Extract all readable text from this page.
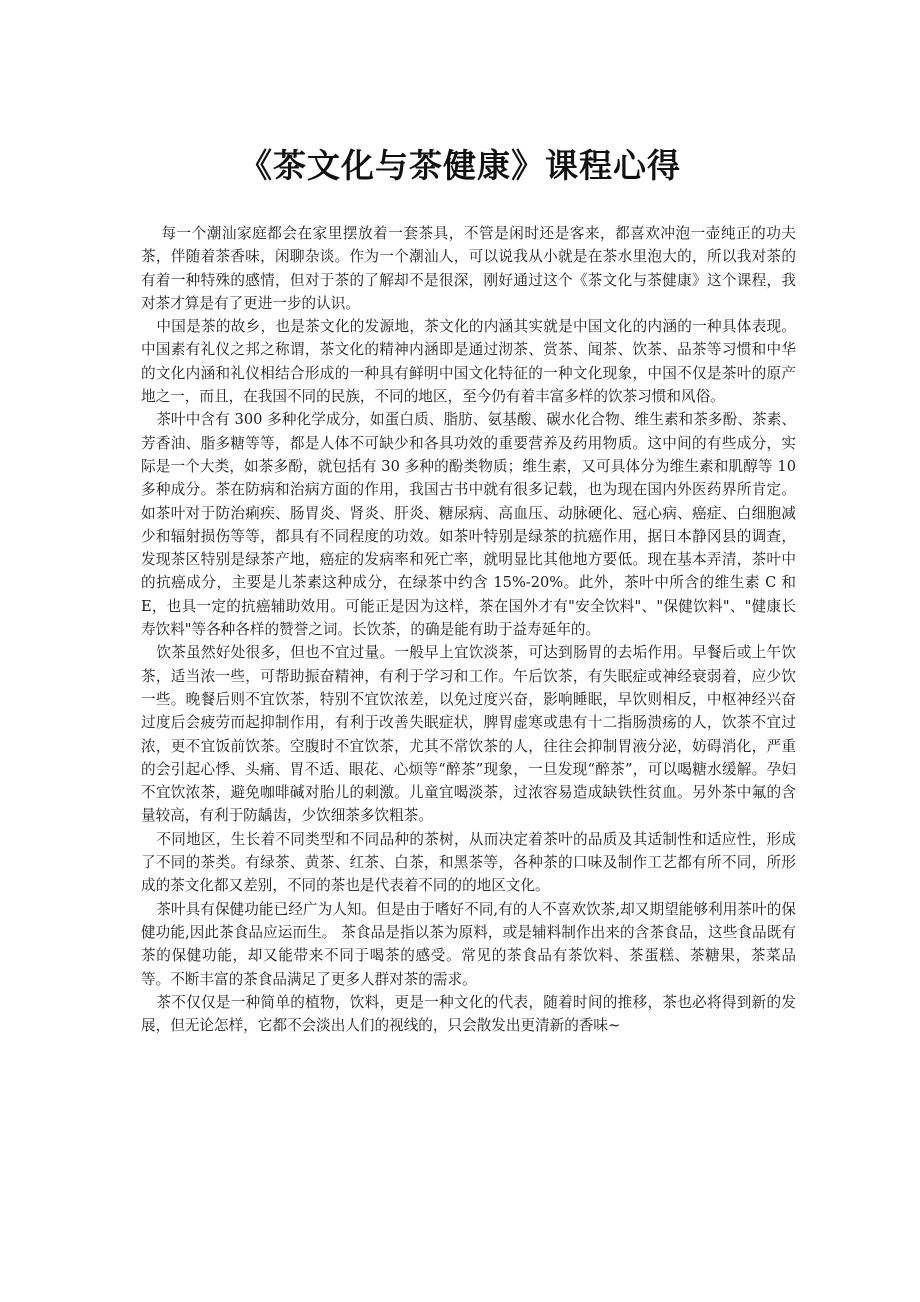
《茶文化与茶健康》课程心得

每一个潮汕家庭都会在家里摆放着一套茶具，不管是闲时还是客来，都喜欢冲泡一壶纯正的功夫茶，伴随着茶香味，闲聊杂谈。作为一个潮汕人，可以说我从小就是在茶水里泡大的，所以我对茶的有着一种特殊的感情，但对于茶的了解却不是很深，刚好通过这个《茶文化与茶健康》这个课程，我对茶才算是有了更进一步的认识。

中国是茶的故乡，也是茶文化的发源地，茶文化的内涵其实就是中国文化的内涵的一种具体表现。中国素有礼仪之邦之称谓，茶文化的精神内涵即是通过沏茶、赏茶、闻茶、饮茶、品茶等习惯和中华的文化内涵和礼仪相结合形成的一种具有鲜明中国文化特征的一种文化现象，中国不仅是茶叶的原产地之一，而且，在我国不同的民族，不同的地区，至今仍有着丰富多样的饮茶习惯和风俗。

茶叶中含有 300 多种化学成分，如蛋白质、脂肪、氨基酸、碳水化合物、维生素和茶多酚、茶素、芳香油、脂多糖等等，都是人体不可缺少和各具功效的重要营养及药用物质。这中间的有些成分，实际是一个大类，如茶多酚，就包括有 30 多种的酚类物质；维生素，又可具体分为维生素和肌醇等 10 多种成分。茶在防病和治病方面的作用，我国古书中就有很多记载，也为现在国内外医药界所肯定。如茶叶对于防治痢疾、肠胃炎、肾炎、肝炎、糖尿病、高血压、动脉硬化、冠心病、癌症、白细胞减少和辐射损伤等等，都具有不同程度的功效。如茶叶特别是绿茶的抗癌作用，据日本静冈县的调查，发现茶区特别是绿茶产地，癌症的发病率和死亡率，就明显比其他地方要低。现在基本弄清，茶叶中的抗癌成分，主要是儿茶素这种成分，在绿茶中约含 15%-20%。此外，茶叶中所含的维生素 C 和 E，也具一定的抗癌辅助效用。可能正是因为这样，茶在国外才有"安全饮料"、"保健饮料"、"健康长寿饮料"等各种各样的赞誉之词。长饮茶，的确是能有助于益寿延年的。

饮茶虽然好处很多，但也不宜过量。一般早上宜饮淡茶，可达到肠胃的去垢作用。早餐后或上午饮茶，适当浓一些，可帮助振奋精神，有利于学习和工作。午后饮茶，有失眠症或神经衰弱着，应少饮一些。晚餐后则不宜饮茶，特别不宜饮浓差，以免过度兴奋，影响睡眠，早饮则相反，中枢神经兴奋过度后会疲劳而起抑制作用，有利于改善失眠症状，脾胃虚寒或患有十二指肠溃疡的人，饮茶不宜过浓，更不宜饭前饮茶。空腹时不宜饮茶，尤其不常饮茶的人，往往会抑制胃液分泌，妨碍消化，严重的会引起心悸、头痛、胃不适、眼花、心烦等“醉茶”现象，一旦发现“醉茶”，可以喝糖水缓解。孕妇不宜饮浓茶，避免咖啡碱对胎儿的刺激。儿童宜喝淡茶，过浓容易造成缺铁性贫血。另外茶中氟的含量较高，有利于防龋齿，少饮细茶多饮粗茶。

不同地区，生长着不同类型和不同品种的茶树，从而决定着茶叶的品质及其适制性和适应性，形成了不同的茶类。有绿茶、黄茶、红茶、白茶，和黑茶等，各种茶的口味及制作工艺都有所不同，所形成的茶文化都又差别，不同的茶也是代表着不同的的地区文化。

茶叶具有保健功能已经广为人知。但是由于嗜好不同,有的人不喜欢饮茶,却又期望能够利用茶叶的保健功能,因此茶食品应运而生。 茶食品是指以茶为原料，或是辅料制作出来的含茶食品，这些食品既有茶的保健功能，却又能带来不同于喝茶的感受。常见的茶食品有茶饮料、茶蛋糕、茶糖果，茶菜品等。不断丰富的茶食品满足了更多人群对茶的需求。

茶不仅仅是一种简单的植物，饮料，更是一种文化的代表，随着时间的推移，茶也必将得到新的发展，但无论怎样，它都不会淡出人们的视线的，只会散发出更清新的香味~
